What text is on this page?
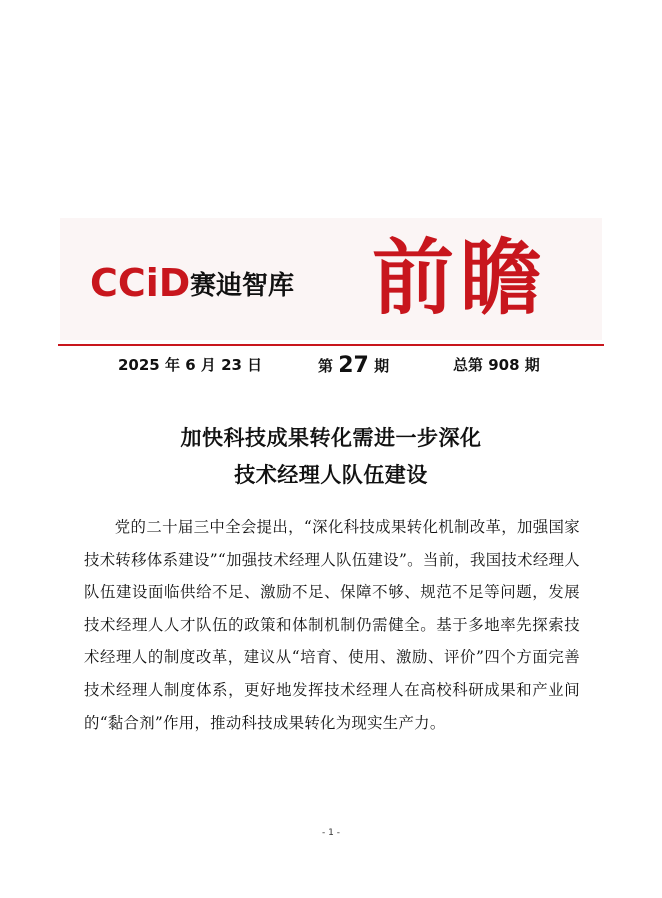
CCiD 赛迪智库 前瞻
2025 年 6 月 23 日	第 27 期	总第 908 期
加快科技成果转化需进一步深化
技术经理人队伍建设

党的二十届三中全会提出，“深化科技成果转化机制改革，加强国家技术转移体系建设”“加强技术经理人队伍建设”。当前，我国技术经理人队伍建设面临供给不足、激励不足、保障不够、规范不足等问题，发展技术经理人人才队伍的政策和体制机制仍需健全。基于多地率先探索技术经理人的制度改革，建议从“培育、使用、激励、评价”四个方面完善技术经理人制度体系，更好地发挥技术经理人在高校科研成果和产业间的“黏合剂”作用，推动科技成果转化为现实生产力。

- 1 -
